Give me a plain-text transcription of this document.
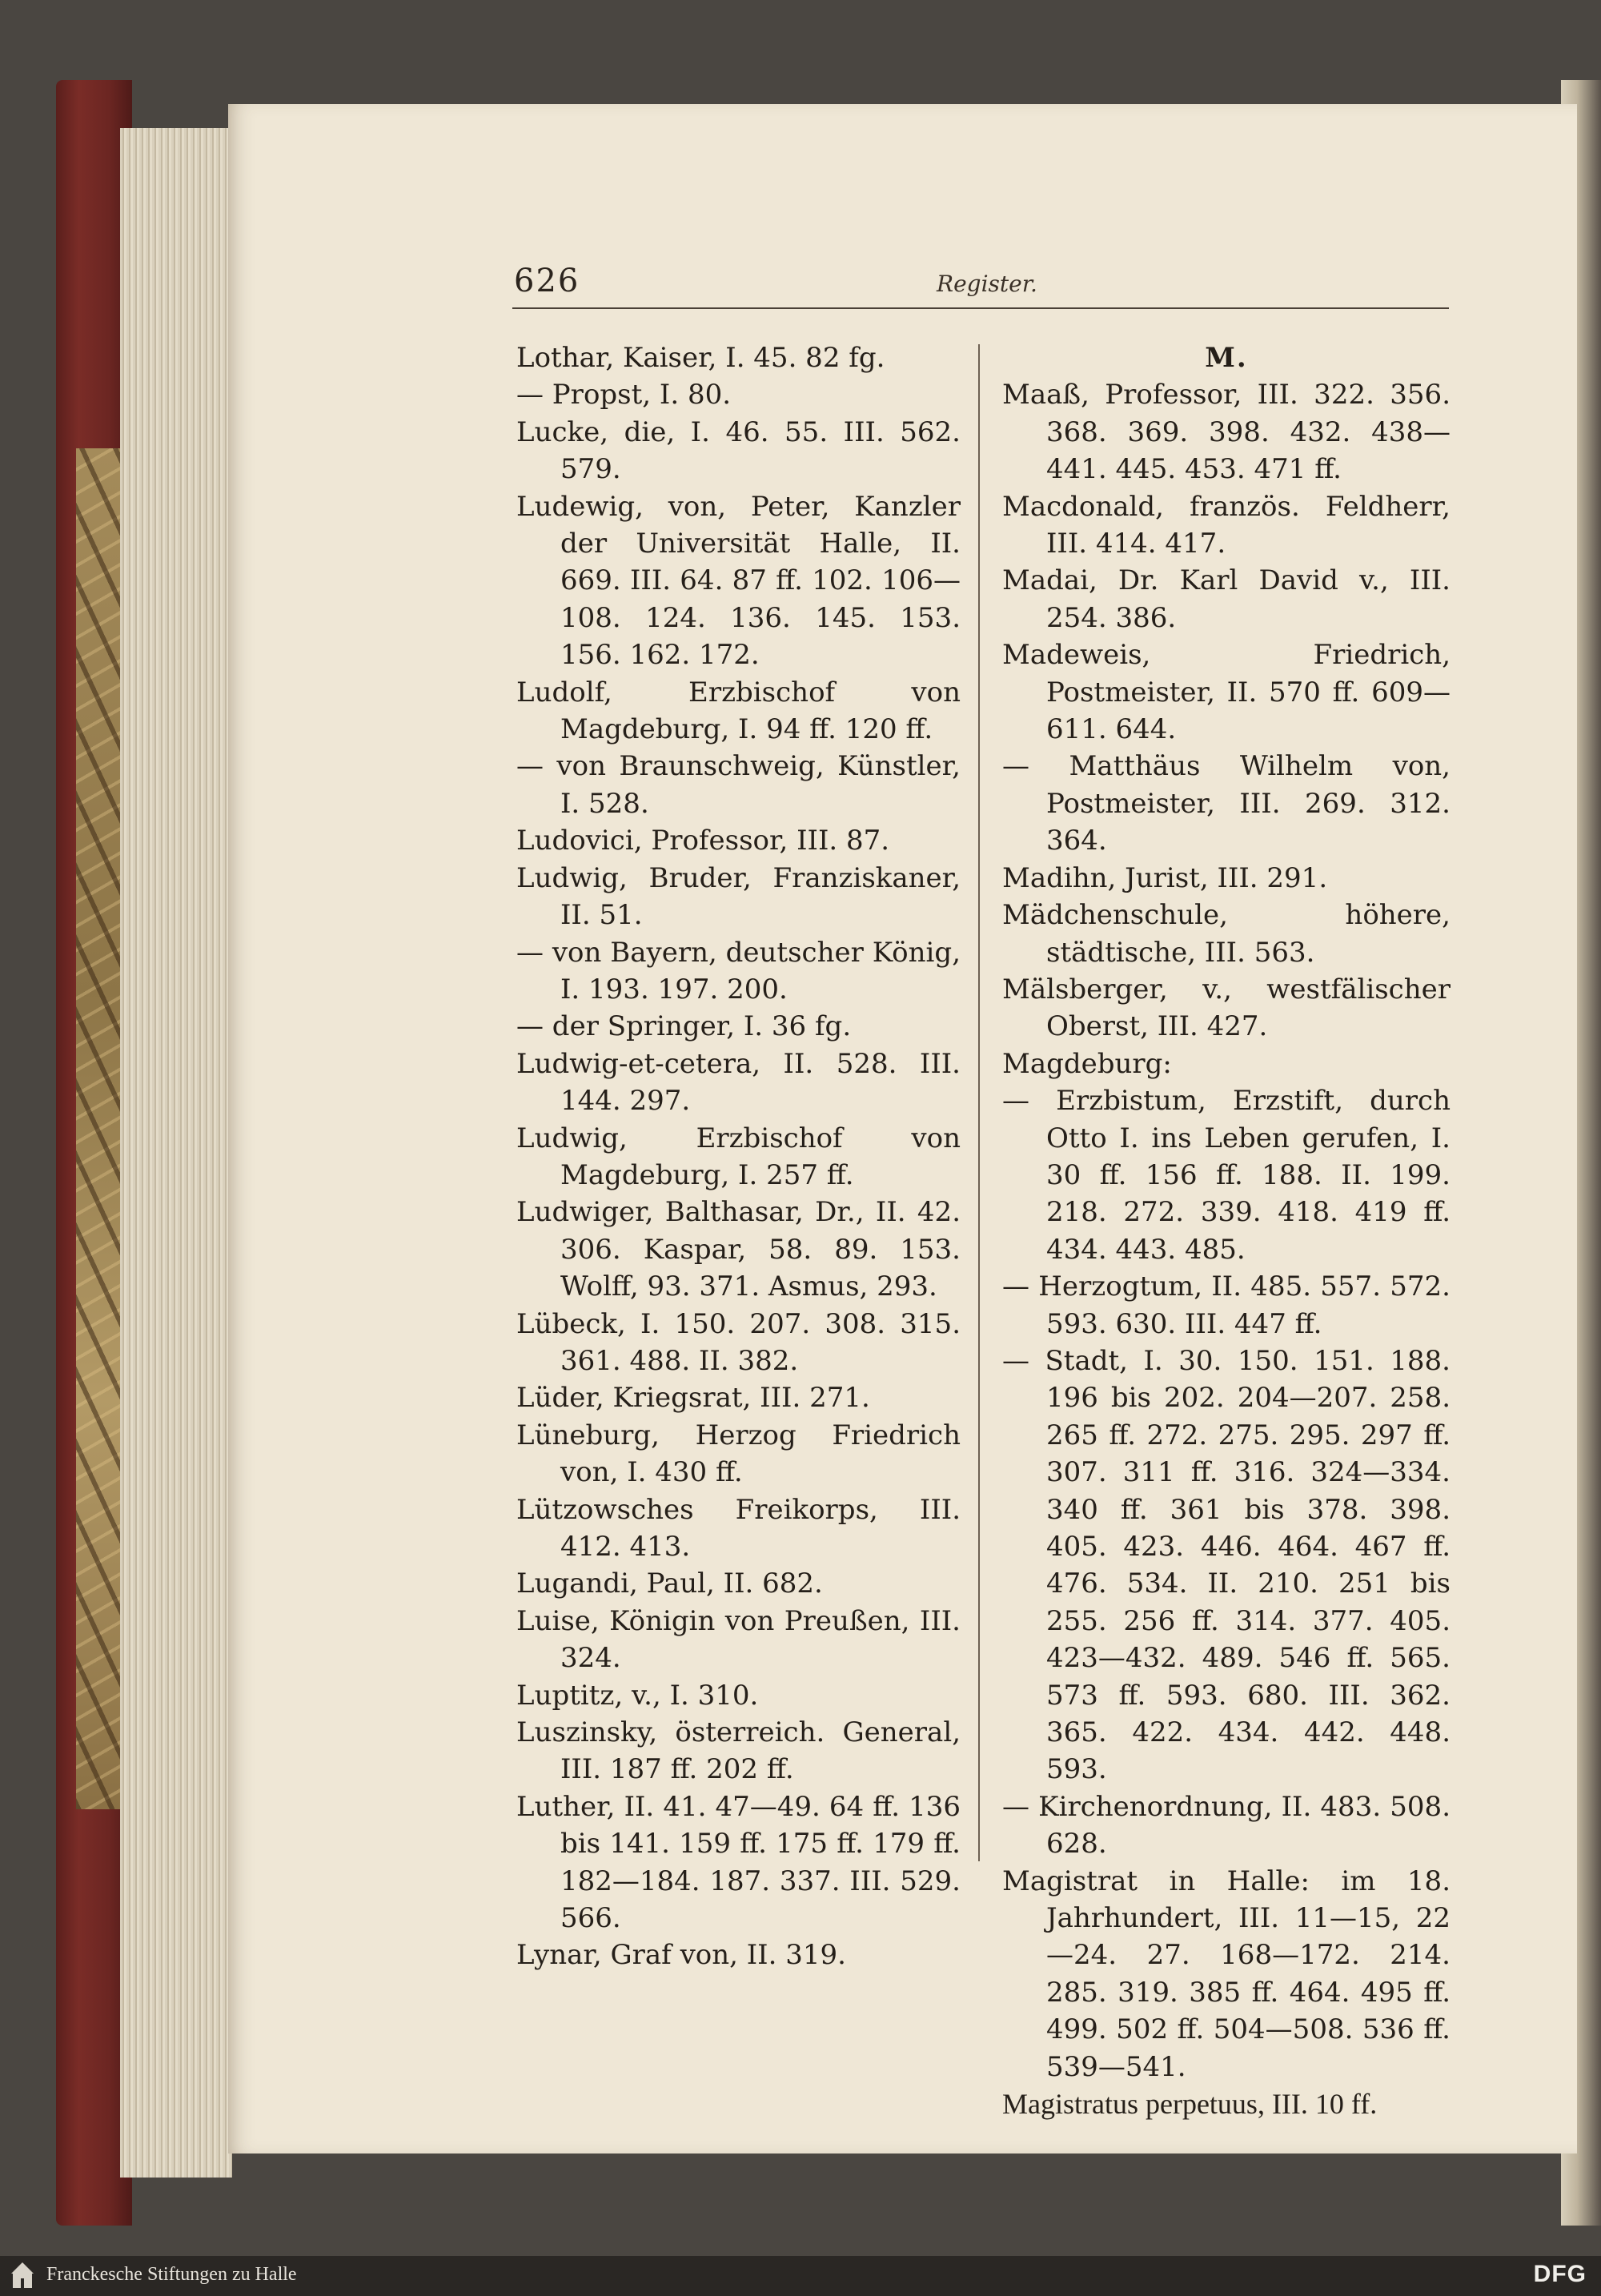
626	Register.
Lothar, Kaiser, I. 45. 82 fg.
— Propst, I. 80.
Lucke, die, I. 46. 55. III. 562. 579.
Ludewig, von, Peter, Kanzler der Universität Halle, II. 669. III. 64. 87 ff. 102. 106—108. 124. 136. 145. 153. 156. 162. 172.
Ludolf, Erzbischof von Magdeburg, I. 94 ff. 120 ff.
— von Braunschweig, Künstler, I. 528.
Ludovici, Professor, III. 87.
Ludwig, Bruder, Franziskaner, II. 51.
— von Bayern, deutscher König, I. 193. 197. 200.
— der Springer, I. 36 fg.
Ludwig-et-cetera, II. 528. III. 144. 297.
Ludwig, Erzbischof von Magdeburg, I. 257 ff.
Ludwiger, Balthasar, Dr., II. 42. 306. Kaspar, 58. 89. 153. Wolff, 93. 371. Asmus, 293.
Lübeck, I. 150. 207. 308. 315. 361. 488. II. 382.
Lüder, Kriegsrat, III. 271.
Lüneburg, Herzog Friedrich von, I. 430 ff.
Lützowsches Freikorps, III. 412. 413.
Lugandi, Paul, II. 682.
Luise, Königin von Preußen, III. 324.
Luptitz, v., I. 310.
Luszinsky, österreich. General, III. 187 ff. 202 ff.
Luther, II. 41. 47—49. 64 ff. 136 bis 141. 159 ff. 175 ff. 179 ff. 182—184. 187. 337. III. 529. 566.
Lynar, Graf von, II. 319.
M.
Maaß, Professor, III. 322. 356. 368. 369. 398. 432. 438—441. 445. 453. 471 ff.
Macdonald, französ. Feldherr, III. 414. 417.
Madai, Dr. Karl David v., III. 254. 386.
Madeweis, Friedrich, Postmeister, II. 570 ff. 609—611. 644.
— Matthäus Wilhelm von, Postmeister, III. 269. 312. 364.
Madihn, Jurist, III. 291.
Mädchenschule, höhere, städtische, III. 563.
Mälsberger, v., westfälischer Oberst, III. 427.
Magdeburg:
— Erzbistum, Erzstift, durch Otto I. ins Leben gerufen, I. 30 ff. 156 ff. 188. II. 199. 218. 272. 339. 418. 419 ff. 434. 443. 485.
— Herzogtum, II. 485. 557. 572. 593. 630. III. 447 ff.
— Stadt, I. 30. 150. 151. 188. 196 bis 202. 204—207. 258. 265 ff. 272. 275. 295. 297 ff. 307. 311 ff. 316. 324—334. 340 ff. 361 bis 378. 398. 405. 423. 446. 464. 467 ff. 476. 534. II. 210. 251 bis 255. 256 ff. 314. 377. 405. 423—432. 489. 546 ff. 565. 573 ff. 593. 680. III. 362. 365. 422. 434. 442. 448. 593.
— Kirchenordnung, II. 483. 508. 628.
Magistrat in Halle: im 18. Jahrhundert, III. 11—15, 22—24. 27. 168—172. 214. 285. 319. 385 ff. 464. 495 ff. 499. 502 ff. 504—508. 536 ff. 539—541.
Magistratus perpetuus, III. 10 ff.
Franckesche Stiftungen zu Halle	DFG
